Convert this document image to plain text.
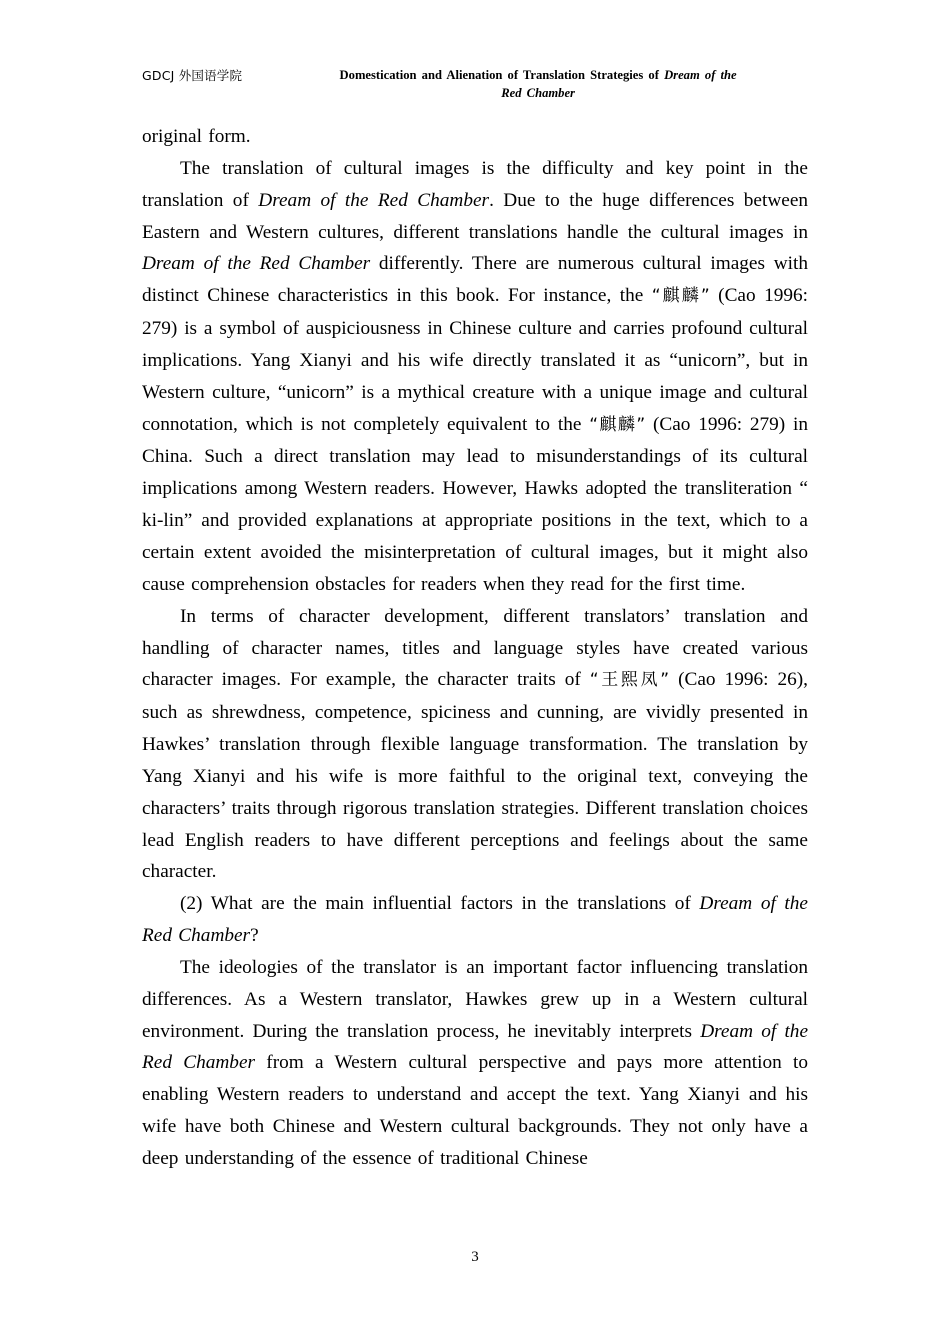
GDCJ 外国语学院	Domestication and Alienation of Translation Strategies of Dream of the
Red Chamber

original form.

The translation of cultural images is the difficulty and key point in the translation of Dream of the Red Chamber. Due to the huge differences between Eastern and Western cultures, different translations handle the cultural images in Dream of the Red Chamber differently. There are numerous cultural images with distinct Chinese characteristics in this book. For instance, the “麒麟” (Cao 1996: 279) is a symbol of auspiciousness in Chinese culture and carries profound cultural implications. Yang Xianyi and his wife directly translated it as “unicorn”, but in Western culture, “unicorn” is a mythical creature with a unique image and cultural connotation, which is not completely equivalent to the “麒麟” (Cao 1996: 279) in China. Such a direct translation may lead to misunderstandings of its cultural implications among Western readers. However, Hawks adopted the transliteration “ ki-lin” and provided explanations at appropriate positions in the text, which to a certain extent avoided the misinterpretation of cultural images, but it might also cause comprehension obstacles for readers when they read for the first time.

In terms of character development, different translators’ translation and handling of character names, titles and language styles have created various character images. For example, the character traits of “王熙凤” (Cao 1996: 26), such as shrewdness, competence, spiciness and cunning, are vividly presented in Hawkes’ translation through flexible language transformation. The translation by Yang Xianyi and his wife is more faithful to the original text, conveying the characters’ traits through rigorous translation strategies. Different translation choices lead English readers to have different perceptions and feelings about the same character.

(2) What are the main influential factors in the translations of Dream of the Red Chamber?

The ideologies of the translator is an important factor influencing translation differences. As a Western translator, Hawkes grew up in a Western cultural environment. During the translation process, he inevitably interprets Dream of the Red Chamber from a Western cultural perspective and pays more attention to enabling Western readers to understand and accept the text. Yang Xianyi and his wife have both Chinese and Western cultural backgrounds. They not only have a deep understanding of the essence of traditional Chinese

3
